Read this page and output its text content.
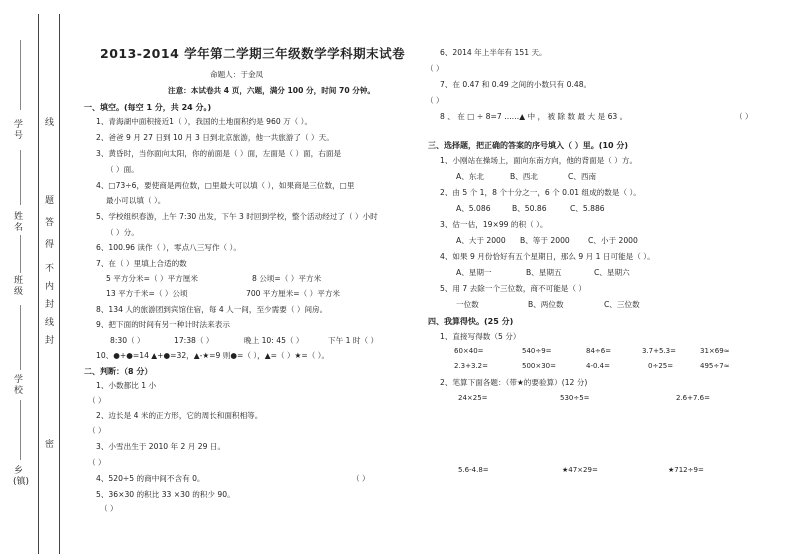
学号
姓名
班级
学校
乡(镇)
线
题
答
得
不
内
封
线
封
密
2013-2014 学年第二学期三年级数学学科期末试卷
命题人：于金凤
注意：本试卷共 4 页，六题，满分 100 分，时间 70 分钟。
一、填空。(每空 1 分，共 24 分。)
1、青海湖中面积接近1（ ），我国的土地面积约是 960 万（ ）。
2、爸爸 9 月 27 日到 10 月 3 日到北京旅游，他一共旅游了（ ）天。
3、黄昏时，当你面向太阳，你的前面是（ ）面，左面是（ ）面，右面是
（ ）面。
4、□73÷6，要使商是两位数，□里最大可以填（ ），如果商是三位数，□里
最小可以填（ ）。
5、学校组织春游，上午 7:30 出发，下午 3 时回到学校，整个活动经过了（ ）小时
（ ）分。
6、100.96 读作（ ），零点八三写作（ ）。
7、在（ ）里填上合适的数
5 平方分米=（ ）平方厘米	8 公顷=（ ）平方米
13 平方千米=（ ）公顷	700 平方厘米=（ ）平方米
8、134 人的旅游团到宾馆住宿，每 4 人一间，至少需要（ ）间房。
9、把下面的时间有另一种计时法来表示
8:30（ ）	17:38（ ）	晚上 10: 45（ ）	下午 1 时（ ）
10、●+●=14 ▲+●=32，▲-★=9 则●=（ ），▲=（ ）★=（ ）。
二、判断：（8 分）
1、小数都比 1 小
（ ）
2、边长是 4 米的正方形，它的周长和面积相等。
（ ）
3、小雪出生于 2010 年 2 月 29 日。
（ ）
4、520÷5 的商中间不含有 0。	（ ）
5、36×30 的积比 33 ×30 的积少 90。
（ ）
6、2014 年上半年有 151 天。
（ ）
7、在 0.47 和 0.49 之间的小数只有 0.48。
（ ）
8 、 在 □ ÷ 8=7 ……▲ 中 ， 被 除 数 最 大 是 63 。	（ ）
三、选择题，把正确的答案的序号填入（ ）里。(10 分)
1、小刚站在操场上，面向东南方向，他的背面是（ ）方。
A、东北	B、西北	C、西南
2、由 5 个 1，8 个十分之一，6 个 0.01 组成的数是（ ）。
A、5.086	B、50.86	C、5.886
3、估一估，19×99 的积（ ）。
A、大于 2000 B、等于 2000 C、小于 2000
4、如果 9 月份恰好有五个星期日，那么 9 月 1 日可能是（ ）。
A、星期一	B、星期五	C、星期六
5、用 7 去除一个三位数，商不可能是（ ）
一位数	B、两位数	C、三位数
四、我算得快。(25 分)
1、直接写得数（5 分）
60×40=	540÷9=	84÷6=	3.7+5.3=	31×69≈
2.3+3.2=	500×30=	4-0.4=	0÷25=	495÷7≈
2、笔算下面各题：（带★的要验算）(12 分)
24×25=	530÷5=	2.6+7.6=
5.6-4.8=	★47×29=	★712÷9=
